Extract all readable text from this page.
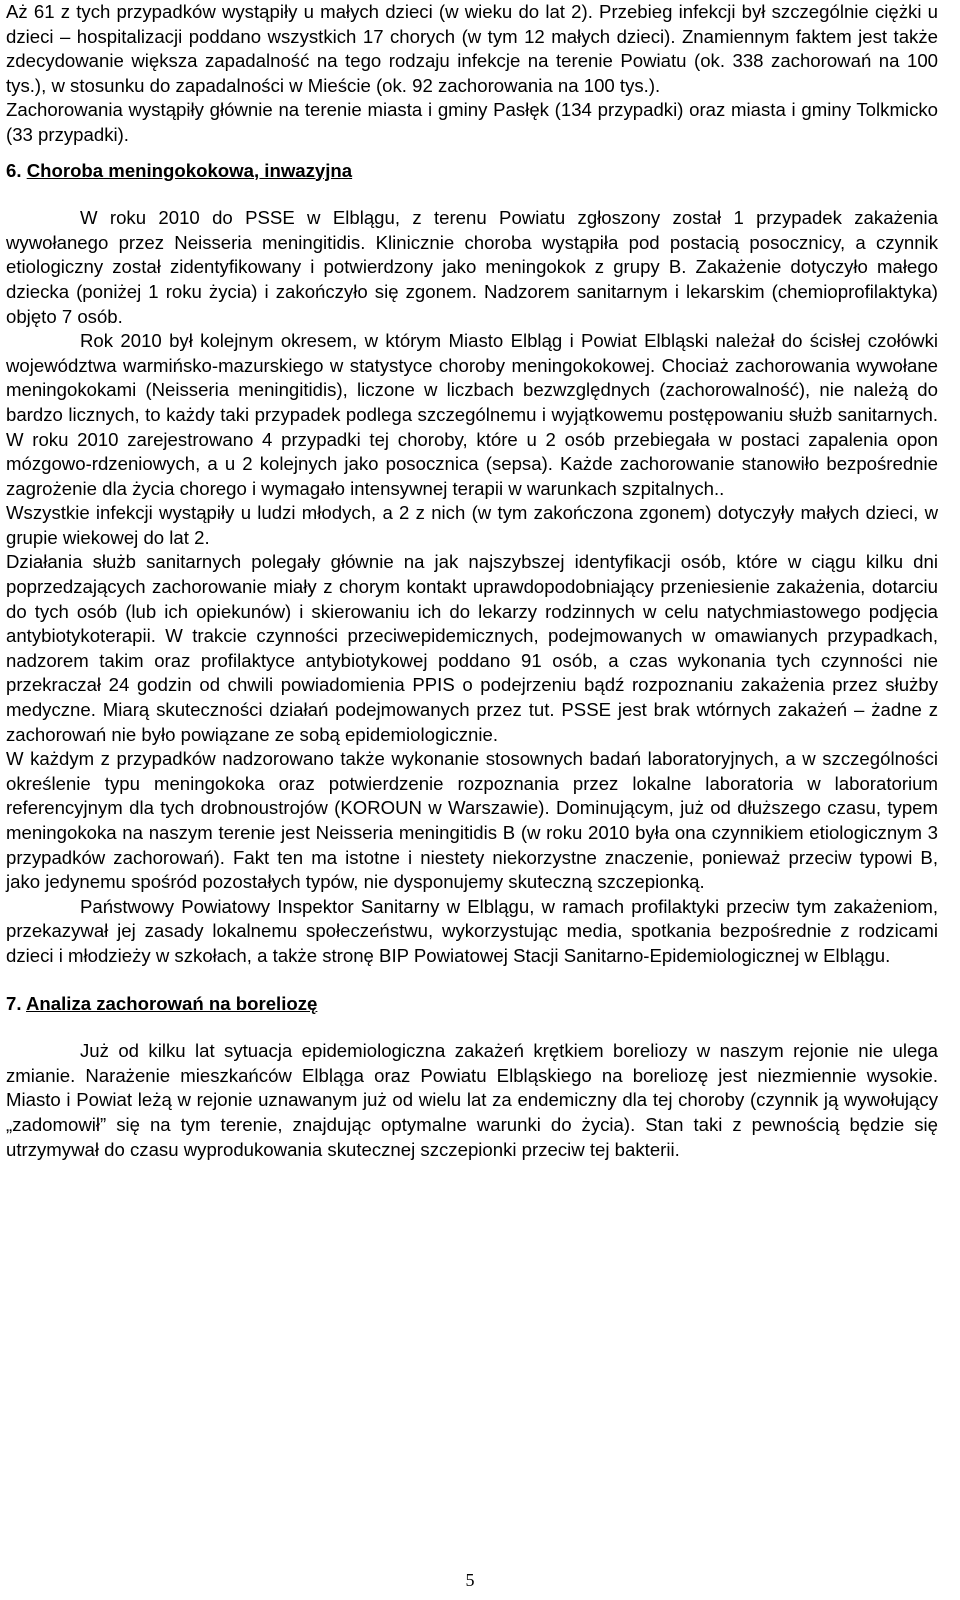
Aż 61 z tych przypadków wystąpiły u małych dzieci (w wieku do lat 2). Przebieg infekcji był szczególnie ciężki u dzieci – hospitalizacji poddano wszystkich 17 chorych (w tym 12 małych dzieci). Znamiennym faktem jest także zdecydowanie większa zapadalność na tego rodzaju infekcje na terenie Powiatu (ok. 338 zachorowań na 100 tys.), w stosunku do zapadalności w Mieście (ok. 92 zachorowania na 100 tys.).

Zachorowania wystąpiły głównie na terenie miasta i gminy Pasłęk (134 przypadki) oraz miasta i gminy Tolkmicko (33 przypadki).

6. Choroba meningokokowa, inwazyjna

W roku 2010 do PSSE w Elblągu, z terenu Powiatu zgłoszony został 1 przypadek zakażenia wywołanego przez Neisseria meningitidis. Klinicznie choroba wystąpiła pod postacią posocznicy, a czynnik etiologiczny został zidentyfikowany i potwierdzony jako meningokok z grupy B. Zakażenie dotyczyło małego dziecka (poniżej 1 roku życia) i zakończyło się zgonem. Nadzorem sanitarnym i lekarskim (chemioprofilaktyka) objęto 7 osób.

Rok 2010 był kolejnym okresem, w którym Miasto Elbląg i Powiat Elbląski należał do ścisłej czołówki województwa warmińsko-mazurskiego w statystyce choroby meningokokowej. Chociaż zachorowania wywołane meningokokami (Neisseria meningitidis), liczone w liczbach bezwzględnych (zachorowalność), nie należą do bardzo licznych, to każdy taki przypadek podlega szczególnemu i wyjątkowemu postępowaniu służb sanitarnych. W roku 2010 zarejestrowano 4 przypadki tej choroby, które u 2 osób przebiegała w postaci zapalenia opon mózgowo-rdzeniowych, a u 2 kolejnych jako posocznica (sepsa). Każde zachorowanie stanowiło bezpośrednie zagrożenie dla życia chorego i wymagało intensywnej terapii w warunkach szpitalnych..

Wszystkie infekcji wystąpiły u ludzi młodych, a 2 z nich (w tym zakończona zgonem) dotyczyły małych dzieci, w grupie wiekowej do lat 2.

Działania służb sanitarnych polegały głównie na jak najszybszej identyfikacji osób, które w ciągu kilku dni poprzedzających zachorowanie miały z chorym kontakt uprawdopodobniający przeniesienie zakażenia, dotarciu do tych osób (lub ich opiekunów) i skierowaniu ich do lekarzy rodzinnych w celu natychmiastowego podjęcia antybiotykoterapii. W trakcie czynności przeciwepidemicznych, podejmowanych w omawianych przypadkach, nadzorem takim oraz profilaktyce antybiotykowej poddano 91 osób, a czas wykonania tych czynności nie przekraczał 24 godzin od chwili powiadomienia PPIS o podejrzeniu bądź rozpoznaniu zakażenia przez służby medyczne. Miarą skuteczności działań podejmowanych przez tut. PSSE jest brak wtórnych zakażeń – żadne z zachorowań nie było powiązane ze sobą epidemiologicznie.

W każdym z przypadków nadzorowano także wykonanie stosownych badań laboratoryjnych, a w szczególności określenie typu meningokoka oraz potwierdzenie rozpoznania przez lokalne laboratoria w laboratorium referencyjnym dla tych drobnoustrojów (KOROUN w Warszawie). Dominującym, już od dłuższego czasu, typem meningokoka na naszym terenie jest Neisseria meningitidis B (w roku 2010 była ona czynnikiem etiologicznym 3 przypadków zachorowań). Fakt ten ma istotne i niestety niekorzystne znaczenie, ponieważ przeciw typowi B, jako jedynemu spośród pozostałych typów, nie dysponujemy skuteczną szczepionką.

Państwowy Powiatowy Inspektor Sanitarny w Elblągu, w ramach profilaktyki przeciw tym zakażeniom, przekazywał jej zasady lokalnemu społeczeństwu, wykorzystując media, spotkania bezpośrednie z rodzicami dzieci i młodzieży w szkołach, a także stronę BIP Powiatowej Stacji Sanitarno-Epidemiologicznej w Elblągu.

7. Analiza zachorowań na boreliozę

Już od kilku lat sytuacja epidemiologiczna zakażeń krętkiem boreliozy w naszym rejonie nie ulega zmianie. Narażenie mieszkańców Elbląga oraz Powiatu Elbląskiego na boreliozę jest niezmiennie wysokie. Miasto i Powiat leżą w rejonie uznawanym już od wielu lat za endemiczny dla tej choroby (czynnik ją wywołujący „zadomowił” się na tym terenie, znajdując optymalne warunki do życia). Stan taki z pewnością będzie się utrzymywał do czasu wyprodukowania skutecznej szczepionki przeciw tej bakterii.

5
